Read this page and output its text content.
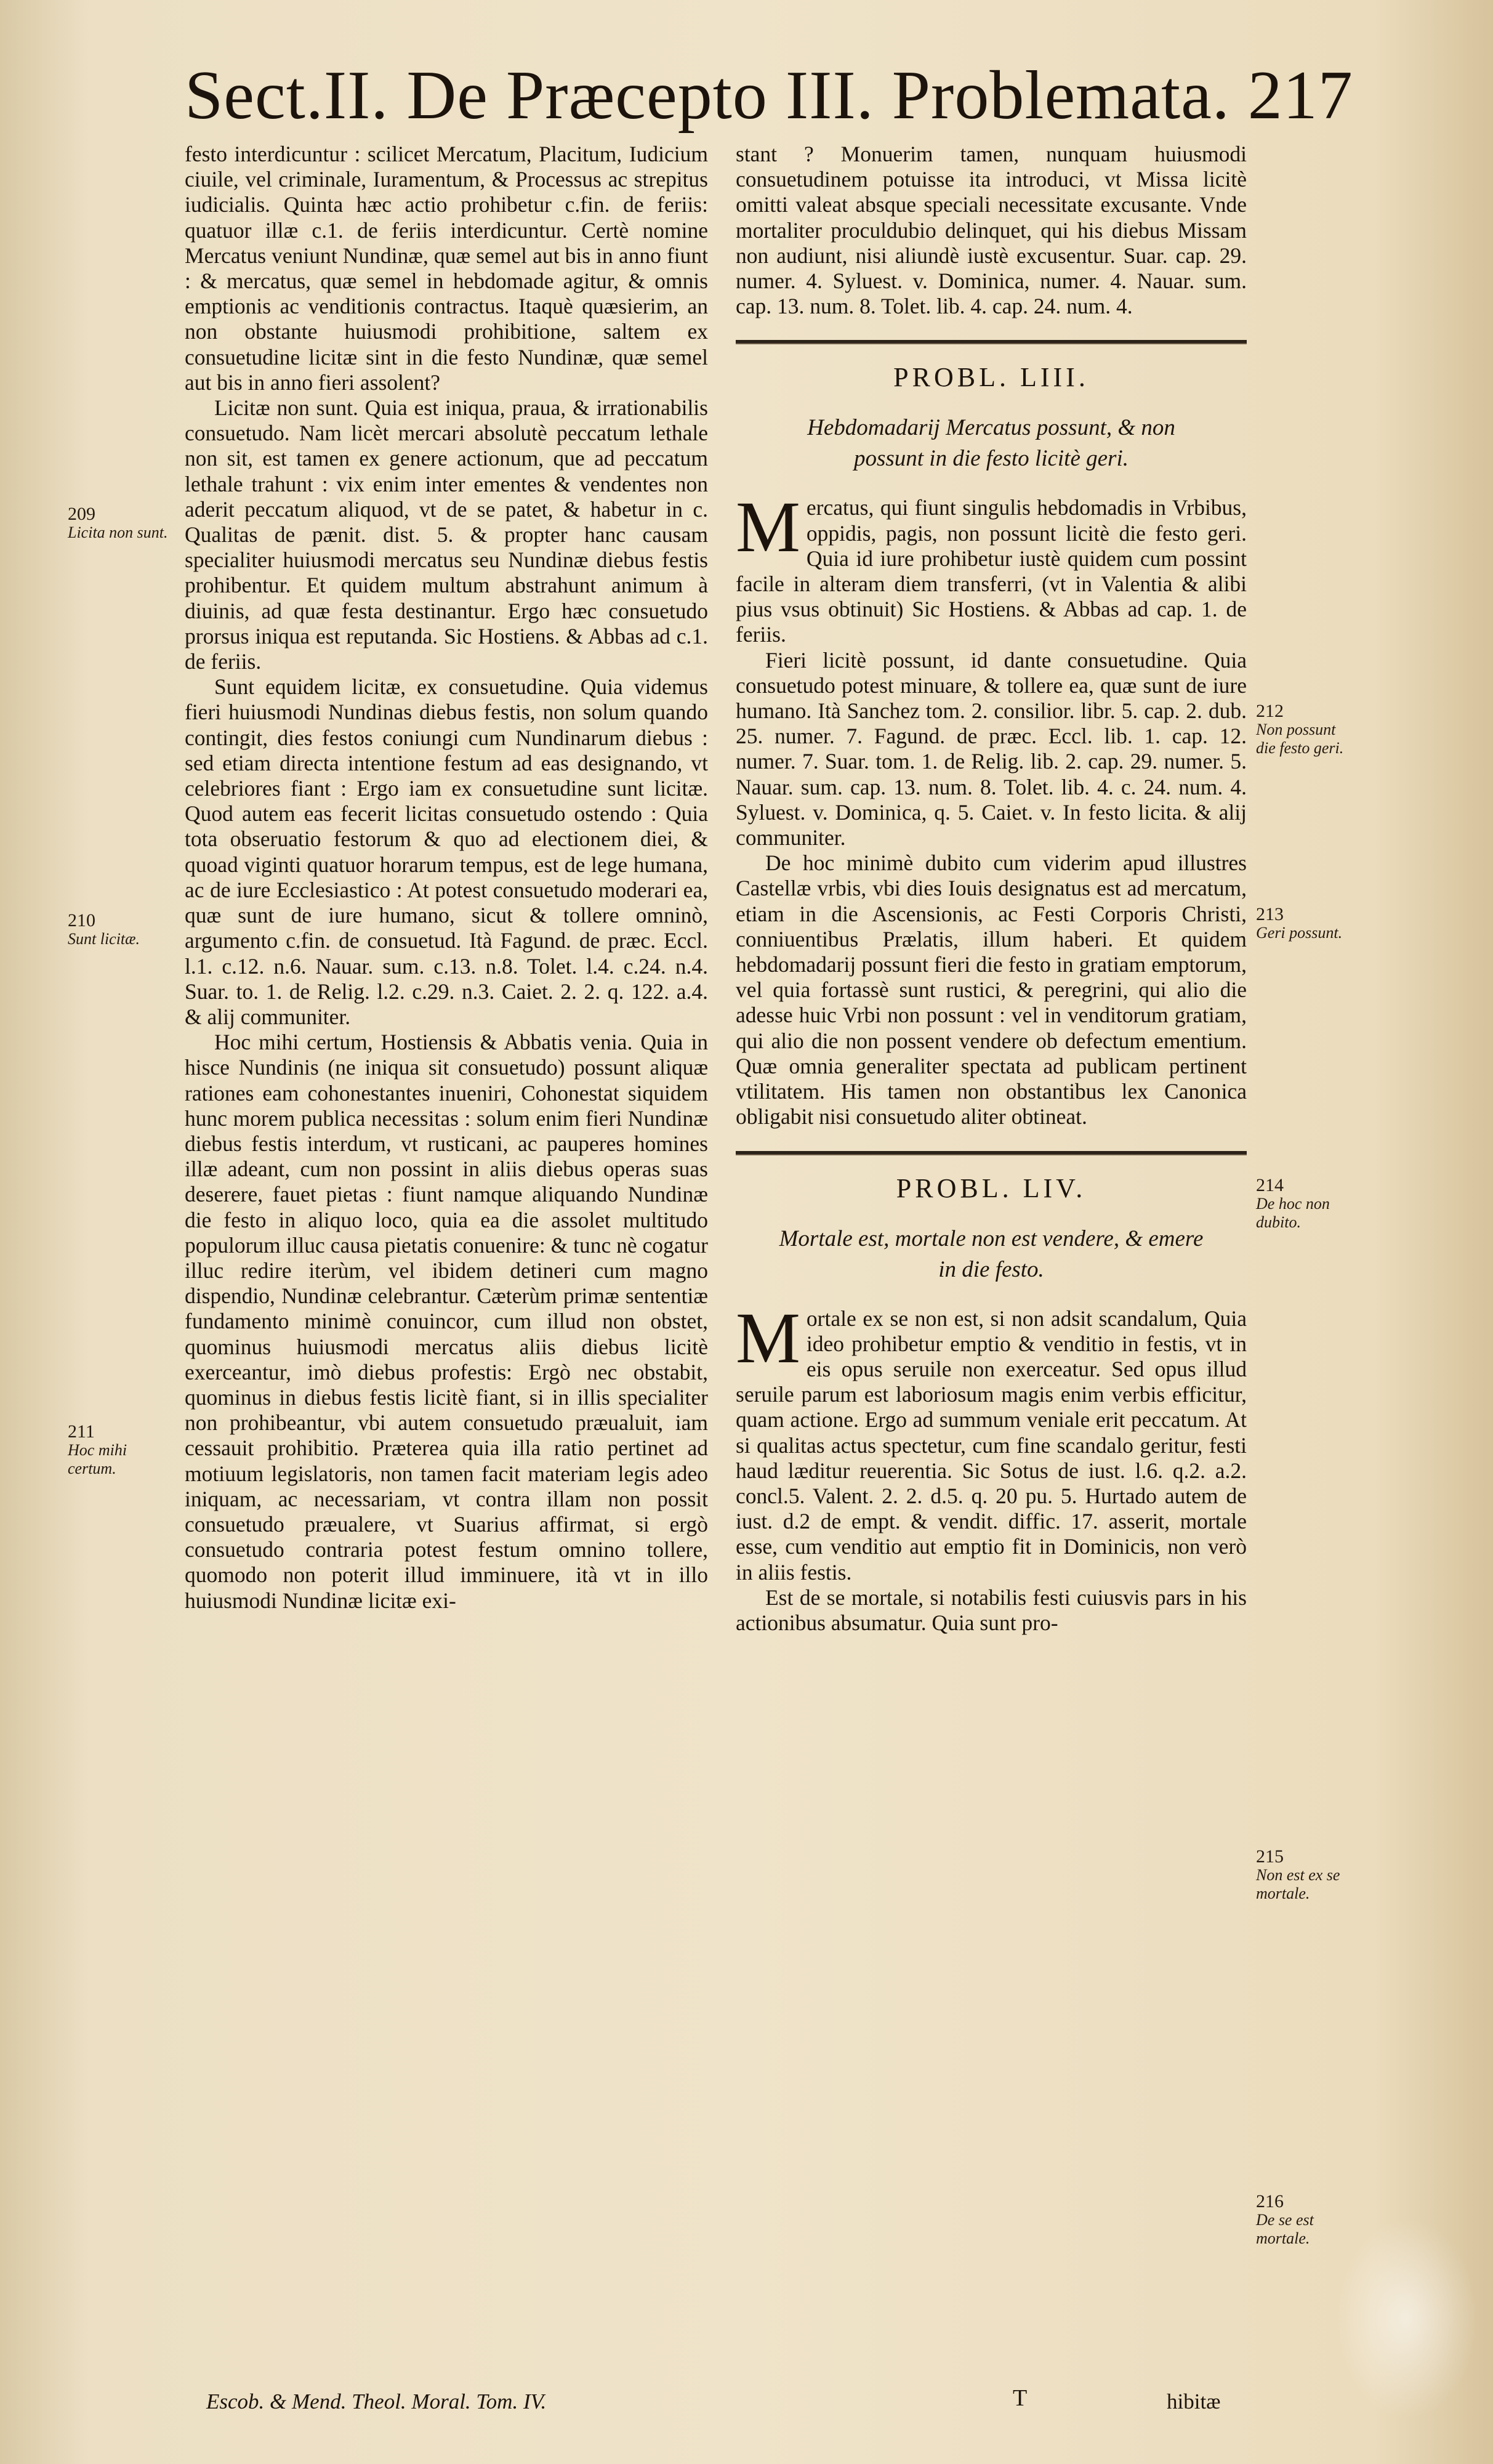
Sect.II. De Præcepto III. Problemata. 217

festo interdicuntur : scilicet Mercatum, Placitum, Iudicium ciuile, vel criminale, Iuramentum, & Processus ac strepitus iudicialis. Quinta hæc actio prohibetur c.fin. de feriis: quatuor illæ c.1. de feriis interdicuntur. Certè nomine Mercatus veniunt Nundinæ, quæ semel aut bis in anno fiunt : & mercatus, quæ semel in hebdomade agitur, & omnis emptionis ac venditionis contractus. Itaquè quæsierim, an non obstante huiusmodi prohibitione, saltem ex consuetudine licitæ sint in die festo Nundinæ, quæ semel aut bis in anno fieri assolent?

Licitæ non sunt. Quia est iniqua, praua, & irrationabilis consuetudo. Nam licèt mercari absolutè peccatum lethale non sit, est tamen ex genere actionum, que ad peccatum lethale trahunt : vix enim inter ementes & vendentes non aderit peccatum aliquod, vt de se patet, & habetur in c. Qualitas de pænit. dist. 5. & propter hanc causam specialiter huiusmodi mercatus seu Nundinæ diebus festis prohibentur. Et quidem multum abstrahunt animum à diuinis, ad quæ festa destinantur. Ergo hæc consuetudo prorsus iniqua est reputanda. Sic Hostiens. & Abbas ad c.1. de feriis.

Sunt equidem licitæ, ex consuetudine. Quia videmus fieri huiusmodi Nundinas diebus festis, non solum quando contingit, dies festos coniungi cum Nundinarum diebus : sed etiam directa intentione festum ad eas designando, vt celebriores fiant : Ergo iam ex consuetudine sunt licitæ. Quod autem eas fecerit licitas consuetudo ostendo : Quia tota obseruatio festorum & quo ad electionem diei, & quoad viginti quatuor horarum tempus, est de lege humana, ac de iure Ecclesiastico : At potest consuetudo moderari ea, quæ sunt de iure humano, sicut & tollere omninò, argumento c.fin. de consuetud. Ità Fagund. de præc. Eccl. l.1. c.12. n.6. Nauar. sum. c.13. n.8. Tolet. l.4. c.24. n.4. Suar. to. 1. de Relig. l.2. c.29. n.3. Caiet. 2. 2. q. 122. a.4. & alij communiter.

Hoc mihi certum, Hostiensis & Abbatis venia. Quia in hisce Nundinis (ne iniqua sit consuetudo) possunt aliquæ rationes eam cohonestantes inueniri, Cohonestat siquidem hunc morem publica necessitas : solum enim fieri Nundinæ diebus festis interdum, vt rusticani, ac pauperes homines illæ adeant, cum non possint in aliis diebus operas suas deserere, fauet pietas : fiunt namque aliquando Nundinæ die festo in aliquo loco, quia ea die assolet multitudo populorum illuc causa pietatis conuenire: & tunc nè cogatur illuc redire iterùm, vel ibidem detineri cum magno dispendio, Nundinæ celebrantur. Cæterùm primæ sententiæ fundamento minimè conuincor, cum illud non obstet, quominus huiusmodi mercatus aliis diebus licitè exerceantur, imò diebus profestis: Ergò nec obstabit, quominus in diebus festis licitè fiant, si in illis specialiter non prohibeantur, vbi autem consuetudo præualuit, iam cessauit prohibitio. Præterea quia illa ratio pertinet ad motiuum legislatoris, non tamen facit materiam legis adeo iniquam, ac necessariam, vt contra illam non possit consuetudo præualere, vt Suarius affirmat, si ergò consuetudo contraria potest festum omnino tollere, quomodo non poterit illud imminuere, ità vt in illo huiusmodi Nundinæ licitæ exi-

209
Licita non sunt.
210
Sunt licitæ.
211
Hoc mihi certum.

stant ? Monuerim tamen, nunquam huiusmodi consuetudinem potuisse ita introduci, vt Missa licitè omitti valeat absque speciali necessitate excusante. Vnde mortaliter proculdubio delinquet, qui his diebus Missam non audiunt, nisi aliundè iustè excusentur. Suar. cap. 29. numer. 4. Syluest. v. Dominica, numer. 4. Nauar. sum. cap. 13. num. 8. Tolet. lib. 4. cap. 24. num. 4.

PROBL. LIII.
Hebdomadarij Mercatus possunt, & non possunt in die festo licitè geri.

Mercatus, qui fiunt singulis hebdomadis in Vrbibus, oppidis, pagis, non possunt licitè die festo geri. Quia id iure prohibetur iustè quidem cum possint facile in alteram diem transferri, (vt in Valentia & alibi pius vsus obtinuit) Sic Hostiens. & Abbas ad cap. 1. de feriis.

Fieri licitè possunt, id dante consuetudine. Quia consuetudo potest minuare, & tollere ea, quæ sunt de iure humano. Ità Sanchez tom. 2. consilior. libr. 5. cap. 2. dub. 25. numer. 7. Fagund. de præc. Eccl. lib. 1. cap. 12. numer. 7. Suar. tom. 1. de Relig. lib. 2. cap. 29. numer. 5. Nauar. sum. cap. 13. num. 8. Tolet. lib. 4. c. 24. num. 4. Syluest. v. Dominica, q. 5. Caiet. v. In festo licita. & alij communiter.

De hoc minimè dubito cum viderim apud illustres Castellæ vrbis, vbi dies Iouis designatus est ad mercatum, etiam in die Ascensionis, ac Festi Corporis Christi, conniuentibus Prælatis, illum haberi. Et quidem hebdomadarij possunt fieri die festo in gratiam emptorum, vel quia fortassè sunt rustici, & peregrini, qui alio die adesse huic Vrbi non possunt : vel in venditorum gratiam, qui alio die non possent vendere ob defectum ementium. Quæ omnia generaliter spectata ad publicam pertinent vtilitatem. His tamen non obstantibus lex Canonica obligabit nisi consuetudo aliter obtineat.

PROBL. LIV.
Mortale est, mortale non est vendere, & emere in die festo.

Mortale ex se non est, si non adsit scandalum, Quia ideo prohibetur emptio & venditio in festis, vt in eis opus seruile non exerceatur. Sed opus illud seruile parum est laboriosum magis enim verbis efficitur, quam actione. Ergo ad summum veniale erit peccatum. At si qualitas actus spectetur, cum fine scandalo geritur, festi haud læditur reuerentia. Sic Sotus de iust. l.6. q.2. a.2. concl.5. Valent. 2. 2. d.5. q. 20 pu. 5. Hurtado autem de iust. d.2 de empt. & vendit. diffic. 17. asserit, mortale esse, cum venditio aut emptio fit in Dominicis, non verò in aliis festis.

Est de se mortale, si notabilis festi cuiusvis pars in his actionibus absumatur. Quia sunt pro-

212
Non possunt die festo geri.
213
Geri possunt.
214
De hoc non dubito.
215
Non est ex se mortale.
216
De se est mortale.
Escob. & Mend. Theol. Moral. Tom. IV.	T	hibitæ
